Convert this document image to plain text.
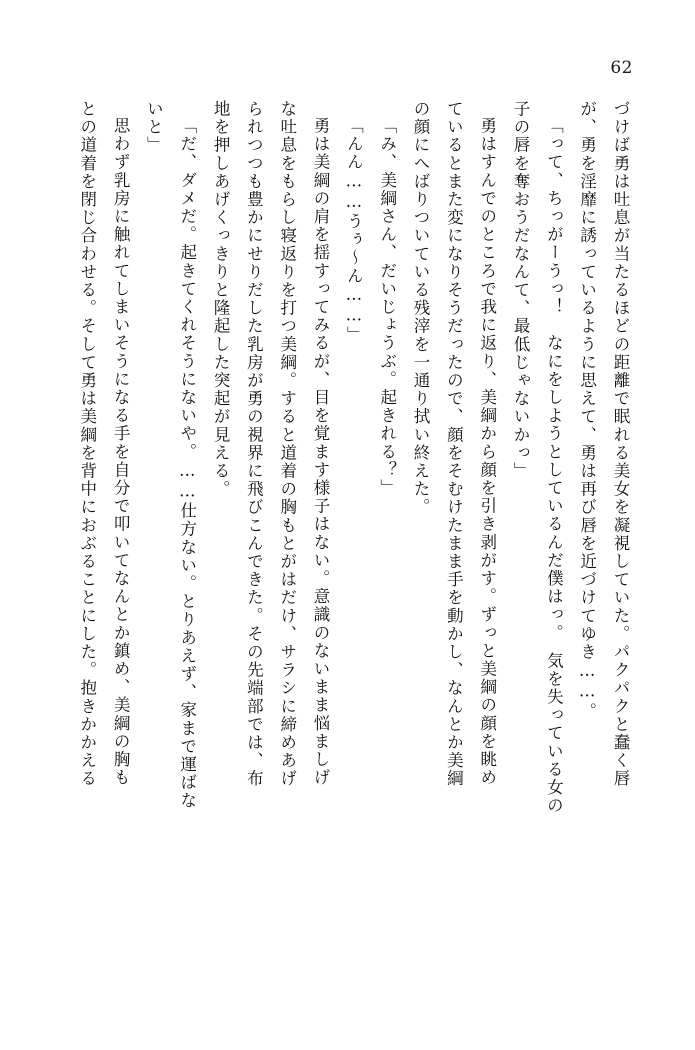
62

づけば勇は吐息が当たるほどの距離で眠れる美女を凝視していた。パクパクと蠢く唇

が、勇を淫靡に誘っているように思えて、勇は再び唇を近づけてゆき……。

「って、ちっがーうっ！　なにをしようとしているんだ僕はっ。　気を失っている女の

子の唇を奪おうだなんて、最低じゃないかっ」

勇はすんでのところで我に返り、美綱から顔を引き剥がす。ずっと美綱の顔を眺め

ているとまた変になりそうだったので、顔をそむけたまま手を動かし、なんとか美綱

の顔にへばりついている残滓を一通り拭い終えた。

「み、美綱さん、だいじょうぶ。起きれる？」

「んん……うぅ～ん……」

勇は美綱の肩を揺すってみるが、目を覚ます様子はない。意識のないまま悩ましげ

な吐息をもらし寝返りを打つ美綱。すると道着の胸もとがはだけ、サラシに締めあげ

られつつも豊かにせりだした乳房が勇の視界に飛びこんできた。その先端部では、布

地を押しあげくっきりと隆起した突起が見える。

「だ、ダメだ。起きてくれそうにないや。……仕方ない。とりあえず、家まで運ばな

いと」

思わず乳房に触れてしまいそうになる手を自分で叩いてなんとか鎮め、美綱の胸も

との道着を閉じ合わせる。そして勇は美綱を背中におぶることにした。抱きかかえる
